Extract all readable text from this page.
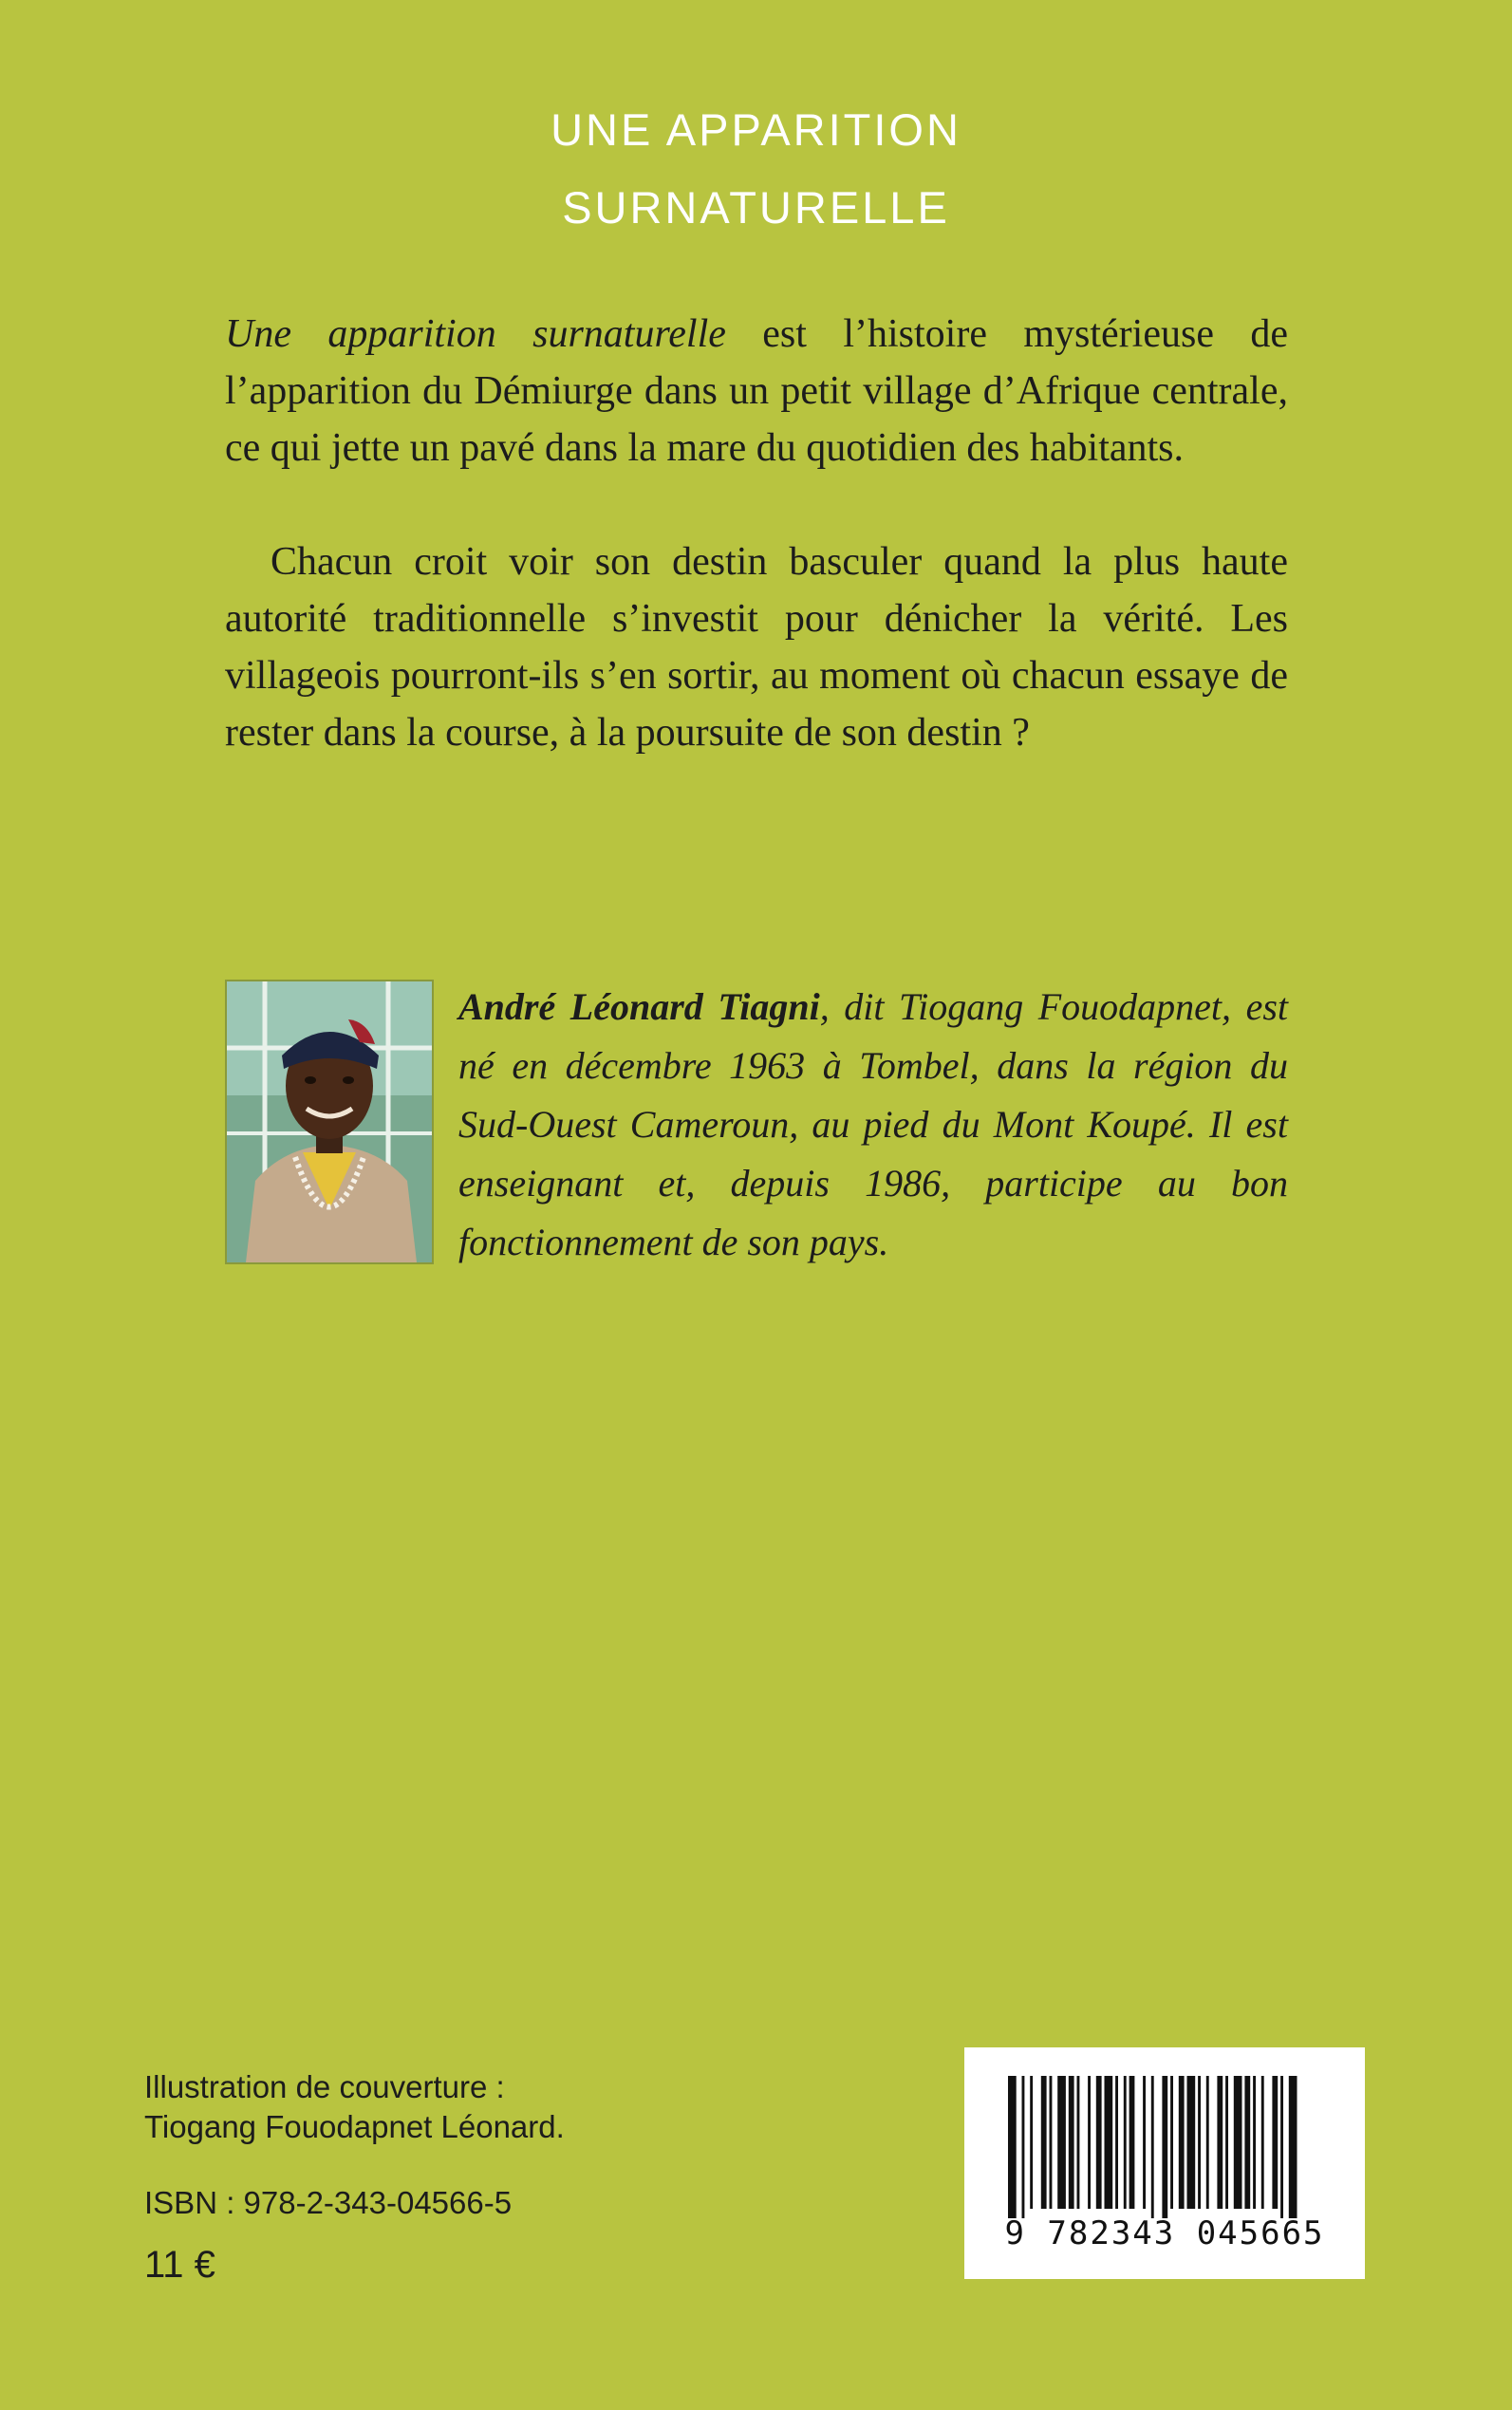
UNE APPARITION
SURNATURELLE

Une apparition surnaturelle est l’histoire mystérieuse de l’apparition du Démiurge dans un petit village d’Afrique centrale, ce qui jette un pavé dans la mare du quotidien des habitants.

Chacun croit voir son destin basculer quand la plus haute autorité traditionnelle s’investit pour dénicher la vérité. Les villageois pourront-ils s’en sortir, au moment où chacun essaye de rester dans la course, à la poursuite de son destin ?

André Léonard Tiagni, dit Tiogang Fouodapnet, est né en décembre 1963 à Tombel, dans la région du Sud-Ouest Cameroun, au pied du Mont Koupé. Il est enseignant et, depuis 1986, participe au bon fonctionnement de son pays.

Illustration de couverture :
Tiogang Fouodapnet Léonard.
ISBN : 978-2-343-04566-5
11 €
9 782343 045665
